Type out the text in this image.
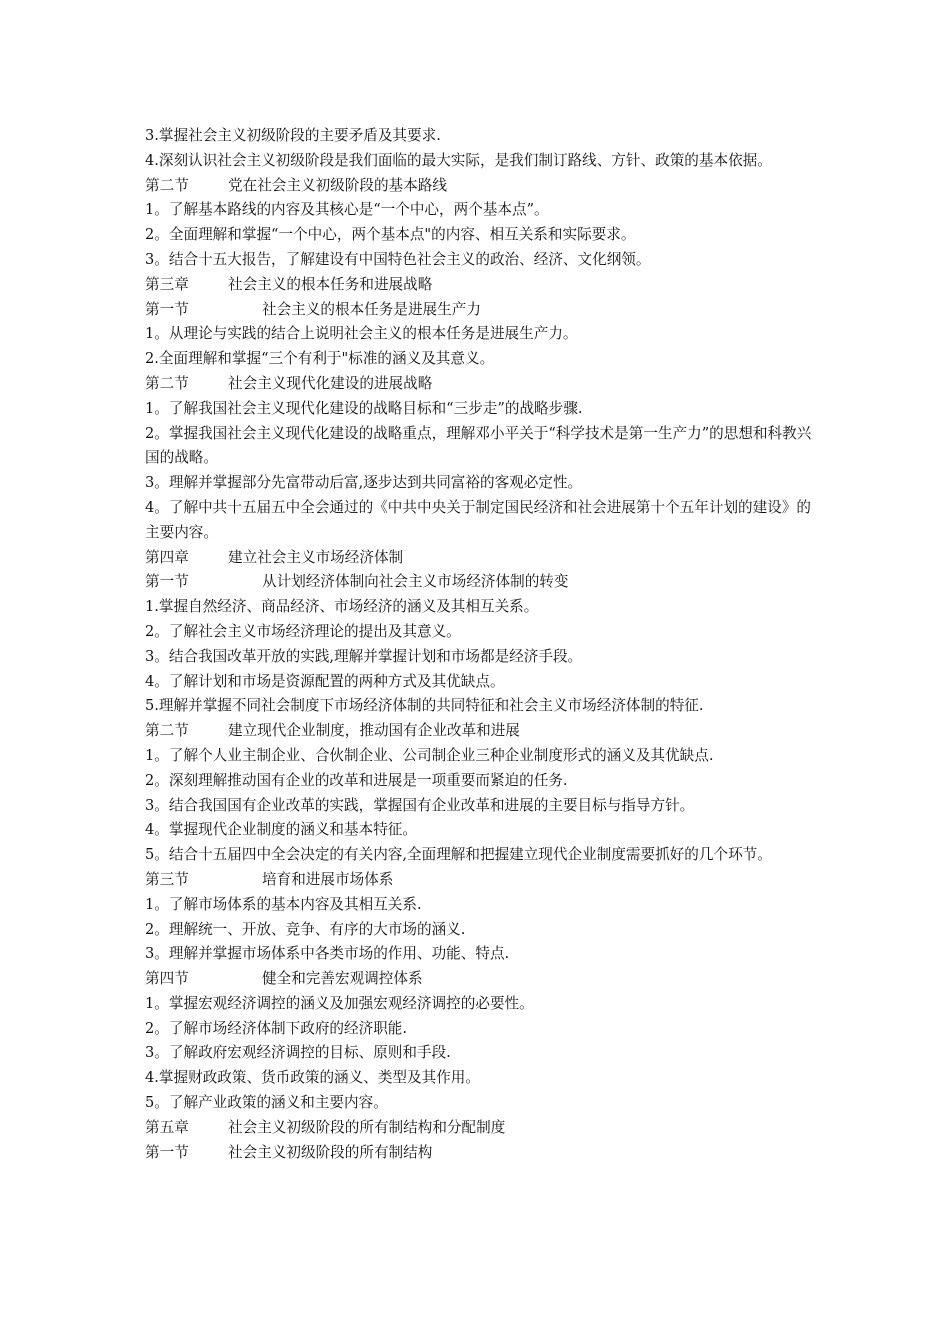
3.掌握社会主义初级阶段的主要矛盾及其要求.
4.深刻认识社会主义初级阶段是我们面临的最大实际，是我们制订路线、方针、政策的基本依据。
第二节	党在社会主义初级阶段的基本路线
1。了解基本路线的内容及其核心是“一个中心，两个基本点”。
2。全面理解和掌握“一个中心，两个基本点"的内容、相互关系和实际要求。
3。结合十五大报告，了解建设有中国特色社会主义的政治、经济、文化纲领。
第三章	社会主义的根本任务和进展战略
第一节	社会主义的根本任务是进展生产力
1。从理论与实践的结合上说明社会主义的根本任务是进展生产力。
2.全面理解和掌握“三个有利于"标准的涵义及其意义。
第二节	社会主义现代化建设的进展战略
1。了解我国社会主义现代化建设的战略目标和“三步走”的战略步骤.
2。掌握我国社会主义现代化建设的战略重点，理解邓小平关于“科学技术是第一生产力”的思想和科教兴国的战略。
3。理解并掌握部分先富带动后富,逐步达到共同富裕的客观必定性。
4。了解中共十五届五中全会通过的《中共中央关于制定国民经济和社会进展第十个五年计划的建设》的主要内容。
第四章	建立社会主义市场经济体制
第一节	从计划经济体制向社会主义市场经济体制的转变
1.掌握自然经济、商品经济、市场经济的涵义及其相互关系。
2。了解社会主义市场经济理论的提出及其意义。
3。结合我国改革开放的实践,理解并掌握计划和市场都是经济手段。
4。了解计划和市场是资源配置的两种方式及其优缺点。
5.理解并掌握不同社会制度下市场经济体制的共同特征和社会主义市场经济体制的特征.
第二节	建立现代企业制度，推动国有企业改革和进展
1。了解个人业主制企业、合伙制企业、公司制企业三种企业制度形式的涵义及其优缺点.
2。深刻理解推动国有企业的改革和进展是一项重要而紧迫的任务.
3。结合我国国有企业改革的实践，掌握国有企业改革和进展的主要目标与指导方针。
4。掌握现代企业制度的涵义和基本特征。
5。结合十五届四中全会决定的有关内容,全面理解和把握建立现代企业制度需要抓好的几个环节。
第三节	培育和进展市场体系
1。了解市场体系的基本内容及其相互关系.
2。理解统一、开放、竞争、有序的大市场的涵义.
3。理解并掌握市场体系中各类市场的作用、功能、特点.
第四节	健全和完善宏观调控体系
1。掌握宏观经济调控的涵义及加强宏观经济调控的必要性。
2。了解市场经济体制下政府的经济职能.
3。了解政府宏观经济调控的目标、原则和手段.
4.掌握财政政策、货币政策的涵义、类型及其作用。
5。了解产业政策的涵义和主要内容。
第五章	社会主义初级阶段的所有制结构和分配制度
第一节	社会主义初级阶段的所有制结构
